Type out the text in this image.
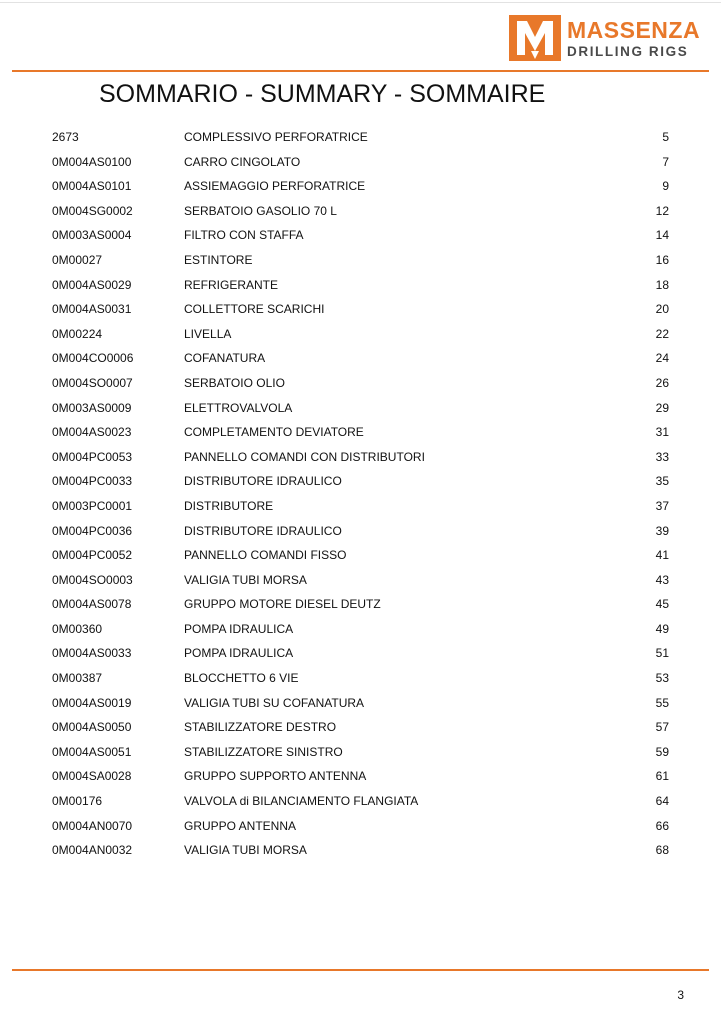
MASSENZA
DRILLING RIGS
SOMMARIO - SUMMARY - SOMMAIRE
2673	COMPLESSIVO PERFORATRICE	5
0M004AS0100	CARRO CINGOLATO	7
0M004AS0101	ASSIEMAGGIO PERFORATRICE	9
0M004SG0002	SERBATOIO GASOLIO 70 L	12
0M003AS0004	FILTRO CON STAFFA	14
0M00027	ESTINTORE	16
0M004AS0029	REFRIGERANTE	18
0M004AS0031	COLLETTORE SCARICHI	20
0M00224	LIVELLA	22
0M004CO0006	COFANATURA	24
0M004SO0007	SERBATOIO OLIO	26
0M003AS0009	ELETTROVALVOLA	29
0M004AS0023	COMPLETAMENTO DEVIATORE	31
0M004PC0053	PANNELLO COMANDI CON DISTRIBUTORI	33
0M004PC0033	DISTRIBUTORE IDRAULICO	35
0M003PC0001	DISTRIBUTORE	37
0M004PC0036	DISTRIBUTORE IDRAULICO	39
0M004PC0052	PANNELLO COMANDI FISSO	41
0M004SO0003	VALIGIA TUBI MORSA	43
0M004AS0078	GRUPPO MOTORE DIESEL DEUTZ	45
0M00360	POMPA IDRAULICA	49
0M004AS0033	POMPA IDRAULICA	51
0M00387	BLOCCHETTO 6 VIE	53
0M004AS0019	VALIGIA TUBI SU COFANATURA	55
0M004AS0050	STABILIZZATORE DESTRO	57
0M004AS0051	STABILIZZATORE SINISTRO	59
0M004SA0028	GRUPPO SUPPORTO ANTENNA	61
0M00176	VALVOLA di BILANCIAMENTO FLANGIATA	64
0M004AN0070	GRUPPO ANTENNA	66
0M004AN0032	VALIGIA TUBI MORSA	68
3
